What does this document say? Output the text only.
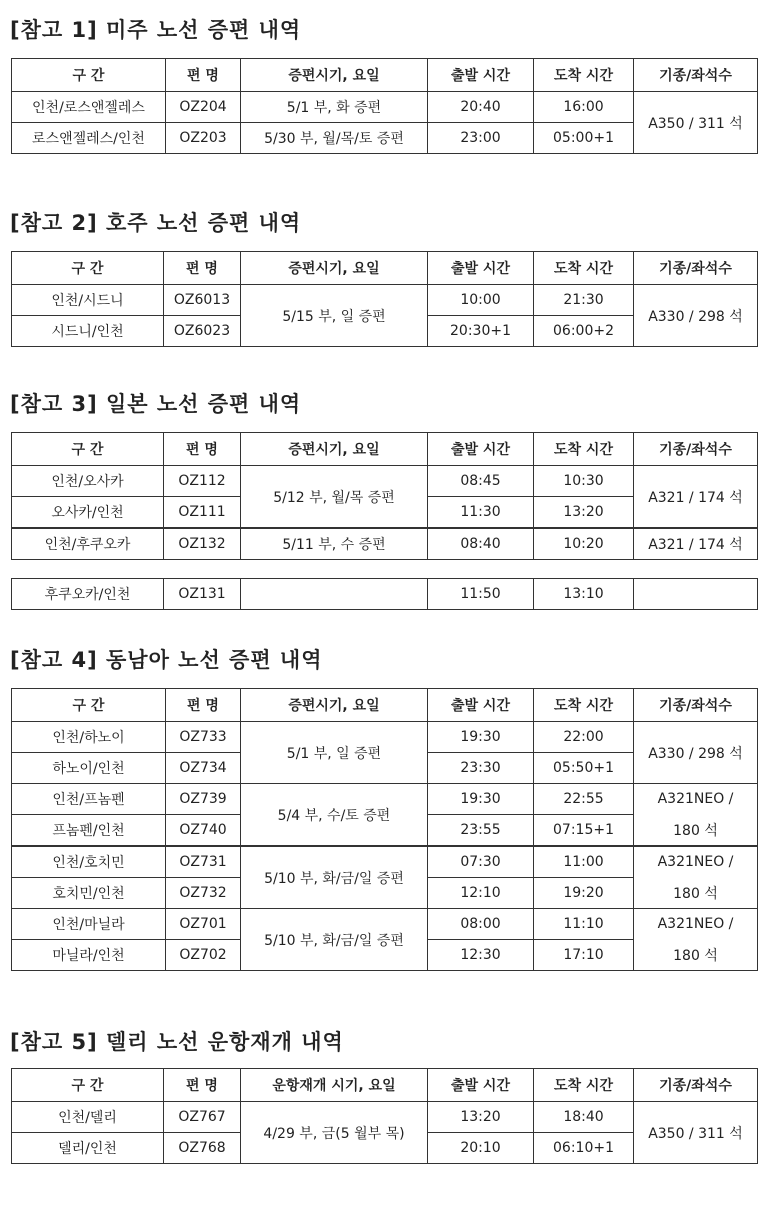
[참고 1] 미주 노선 증편 내역
구 간	편 명	증편시기, 요일	출발 시간	도착 시간	기종/좌석수
인천/로스앤젤레스	OZ204	5/1 부, 화 증편	20:40	16:00	A350 / 311 석
로스앤젤레스/인천	OZ203	5/30 부, 월/목/토 증편	23:00	05:00+1	
[참고 2] 호주 노선 증편 내역
구 간	편 명	증편시기, 요일	출발 시간	도착 시간	기종/좌석수
인천/시드니	OZ6013	5/15 부, 일 증편	10:00	21:30	A330 / 298 석
시드니/인천	OZ6023		20:30+1	06:00+2	
[참고 3] 일본 노선 증편 내역
구 간	편 명	증편시기, 요일	출발 시간	도착 시간	기종/좌석수
인천/오사카	OZ112	5/12 부, 월/목 증편	08:45	10:30	A321 / 174 석
오사카/인천	OZ111		11:30	13:20	
인천/후쿠오카	OZ132	5/11 부, 수 증편	08:40	10:20	A321 / 174 석
후쿠오카/인천	OZ131		11:50	13:10	
[참고 4] 동남아 노선 증편 내역
구 간	편 명	증편시기, 요일	출발 시간	도착 시간	기종/좌석수
인천/하노이	OZ733	5/1 부, 일 증편	19:30	22:00	A330 / 298 석
하노이/인천	OZ734		23:30	05:50+1	
인천/프놈펜	OZ739	5/4 부, 수/토 증편	19:30	22:55	A321NEO /
프놈펜/인천	OZ740		23:55	07:15+1	180 석
인천/호치민	OZ731	5/10 부, 화/금/일 증편	07:30	11:00	A321NEO /
호치민/인천	OZ732		12:10	19:20	180 석
인천/마닐라	OZ701	5/10 부, 화/금/일 증편	08:00	11:10	A321NEO /
마닐라/인천	OZ702		12:30	17:10	180 석
[참고 5] 델리 노선 운항재개 내역
구 간	편 명	운항재개 시기, 요일	출발 시간	도착 시간	기종/좌석수
인천/델리	OZ767	4/29 부, 금(5 월부 목)	13:20	18:40	A350 / 311 석
델리/인천	OZ768		20:10	06:10+1	
